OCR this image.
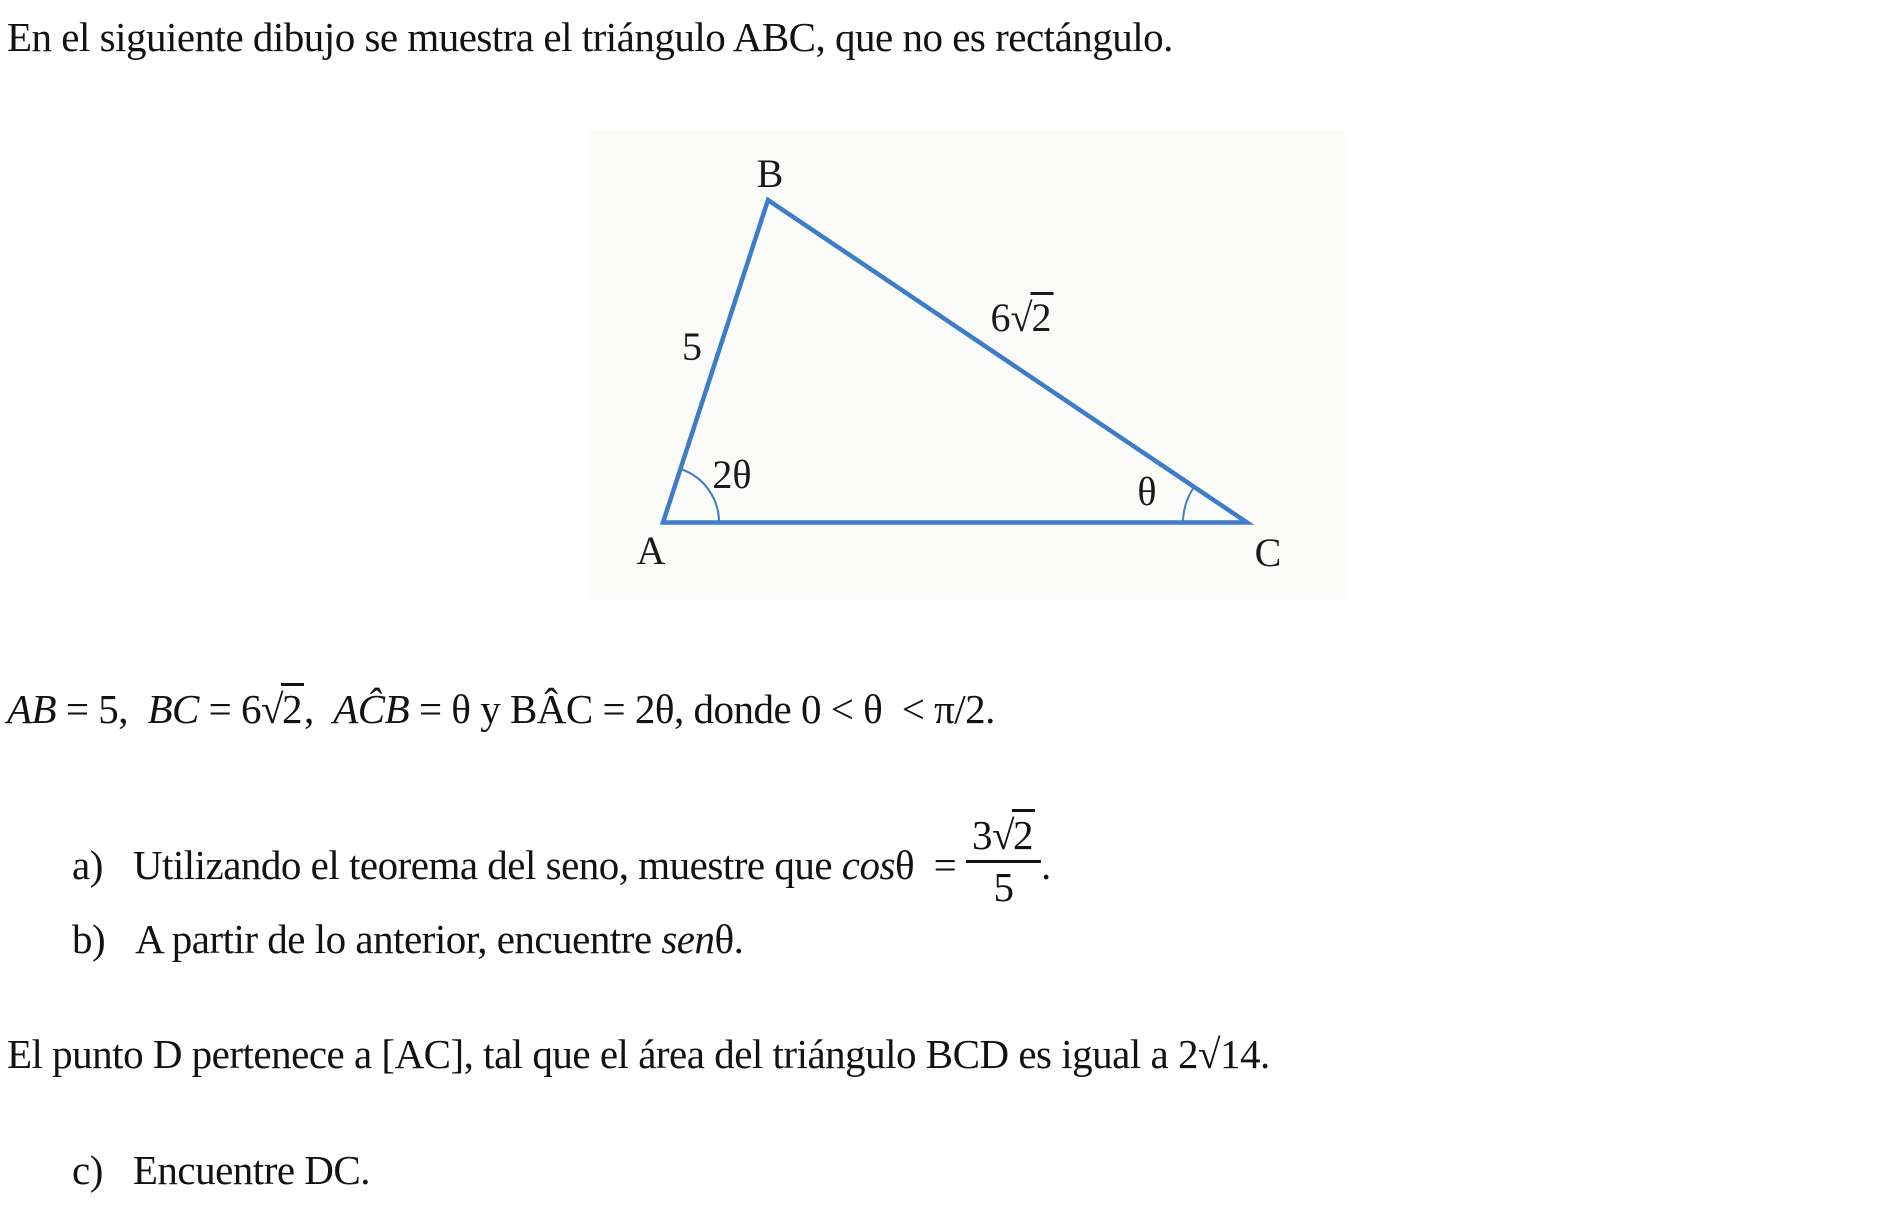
En el siguiente dibujo se muestra el triángulo ABC, que no es rectángulo.
B
A	C
5
6√2
2θ	θ
AB = 5,  BC = 6√2,  AĈB = θ y BÂC = 2θ, donde 0 < θ  < π/2.
a) Utilizando el teorema del seno, muestre que $\cos\theta = \frac{3√2}{5}$ .
b) A partir de lo anterior, encuentre senθ.
El punto D pertenece a [AC], tal que el área del triángulo BCD es igual a 2√14.
c) Encuentre DC.
